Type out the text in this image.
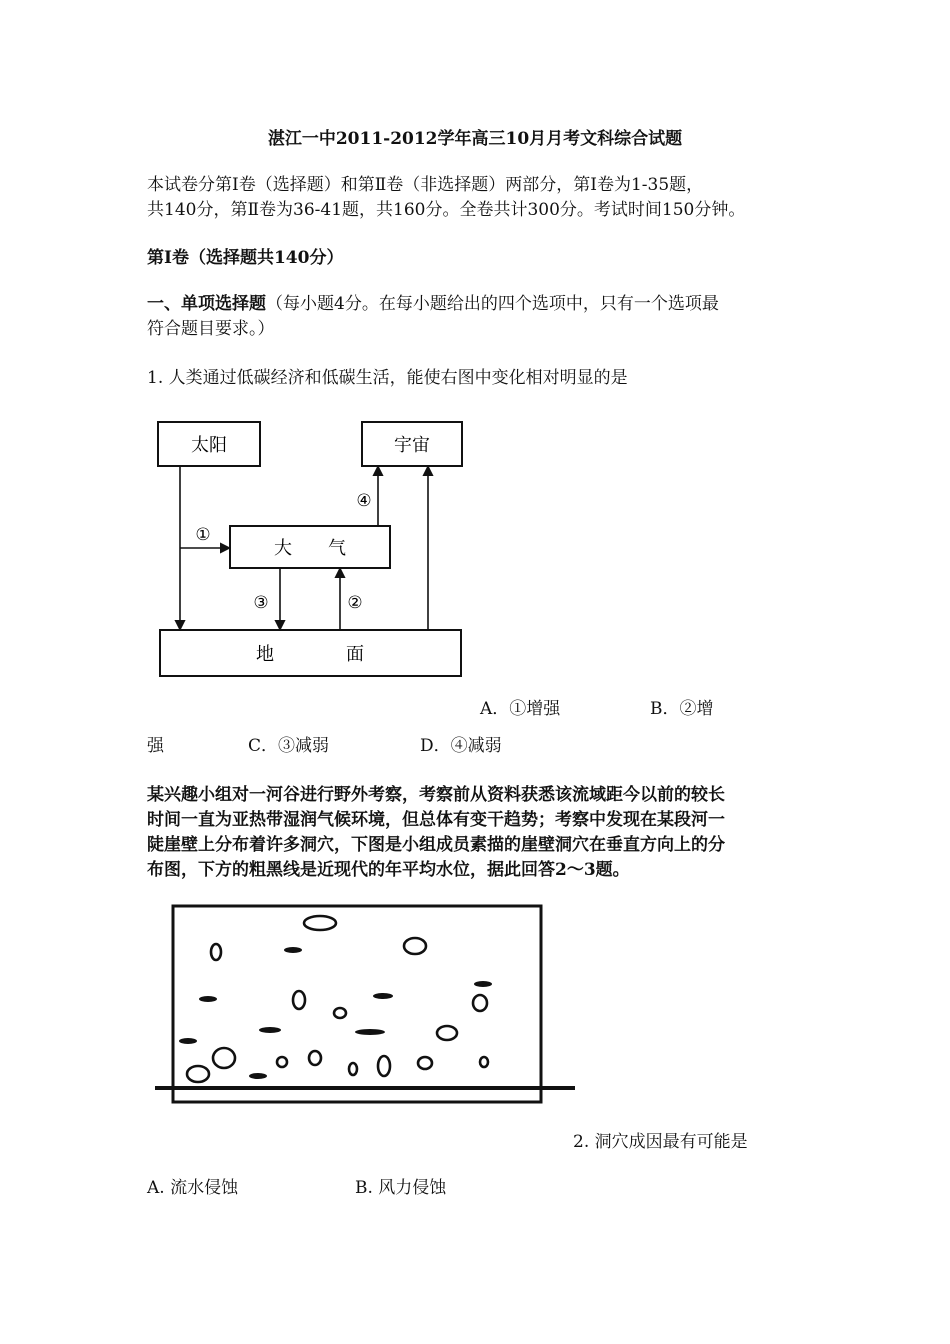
湛江一中2011-2012学年高三10月月考文科综合试题
本试卷分第Ⅰ卷（选择题）和第Ⅱ卷（非选择题）两部分，第Ⅰ卷为1-35题，
共140分，第Ⅱ卷为36-41题，共160分。全卷共计300分。考试时间150分钟。
第Ⅰ卷（选择题共140分）
一、单项选择题（每小题4分。在每小题给出的四个选项中，只有一个选项最
符合题目要求。）
1. 人类通过低碳经济和低碳生活，能使右图中变化相对明显的是
太阳	宇宙
大　　气
地　　　　面
①
③	②
④
A．①增强	B．②增
强	C．③减弱	D．④减弱
某兴趣小组对一河谷进行野外考察，考察前从资料获悉该流域距今以前的较长
时间一直为亚热带湿润气候环境，但总体有变干趋势；考察中发现在某段河一
陡崖壁上分布着许多洞穴，下图是小组成员素描的崖壁洞穴在垂直方向上的分
布图，下方的粗黑线是近现代的年平均水位，据此回答2～3题。
2. 洞穴成因最有可能是
A. 流水侵蚀	B. 风力侵蚀
